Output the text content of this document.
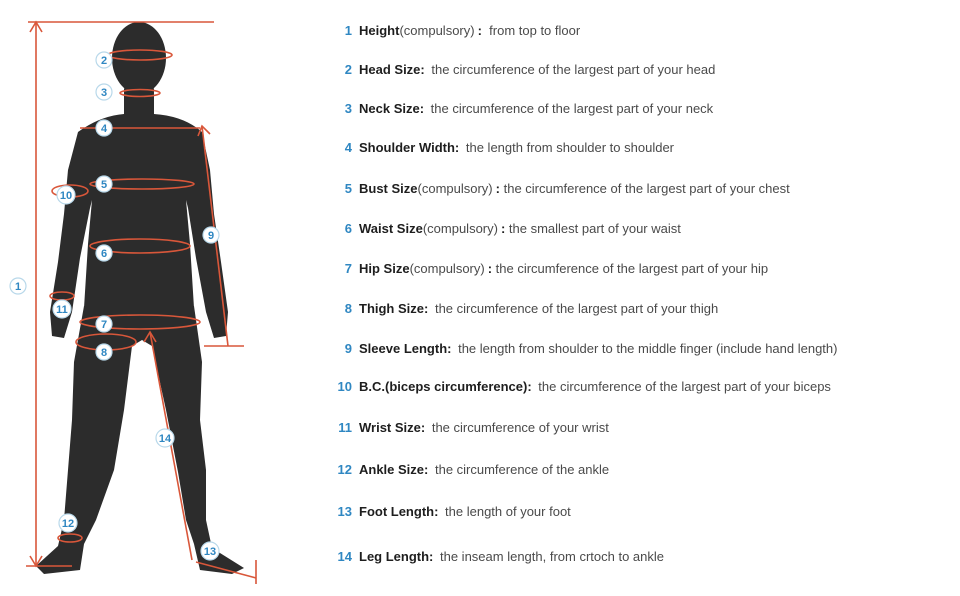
1
2
3
4
5
6
7
8
9
10
11
12
13
14
1 Height (compulsory) : from top to floor
2 Head Size: the circumference of the largest part of your head
3 Neck Size: the circumference of the largest part of your neck
4 Shoulder Width: the length from shoulder to shoulder
5 Bust Size (compulsory) : the circumference of the largest part of your chest
6 Waist Size (compulsory) : the smallest part of your waist
7 Hip Size (compulsory) : the circumference of the largest part of your hip
8 Thigh Size: the circumference of the largest part of your thigh
9 Sleeve Length: the length from shoulder to the middle finger (include hand length)
10 B.C.(biceps circumference): the circumference of the largest part of your biceps
11 Wrist Size: the circumference of your wrist
12 Ankle Size: the circumference of the ankle
13 Foot Length: the length of your foot
14 Leg Length: the inseam length, from crtoch to ankle
